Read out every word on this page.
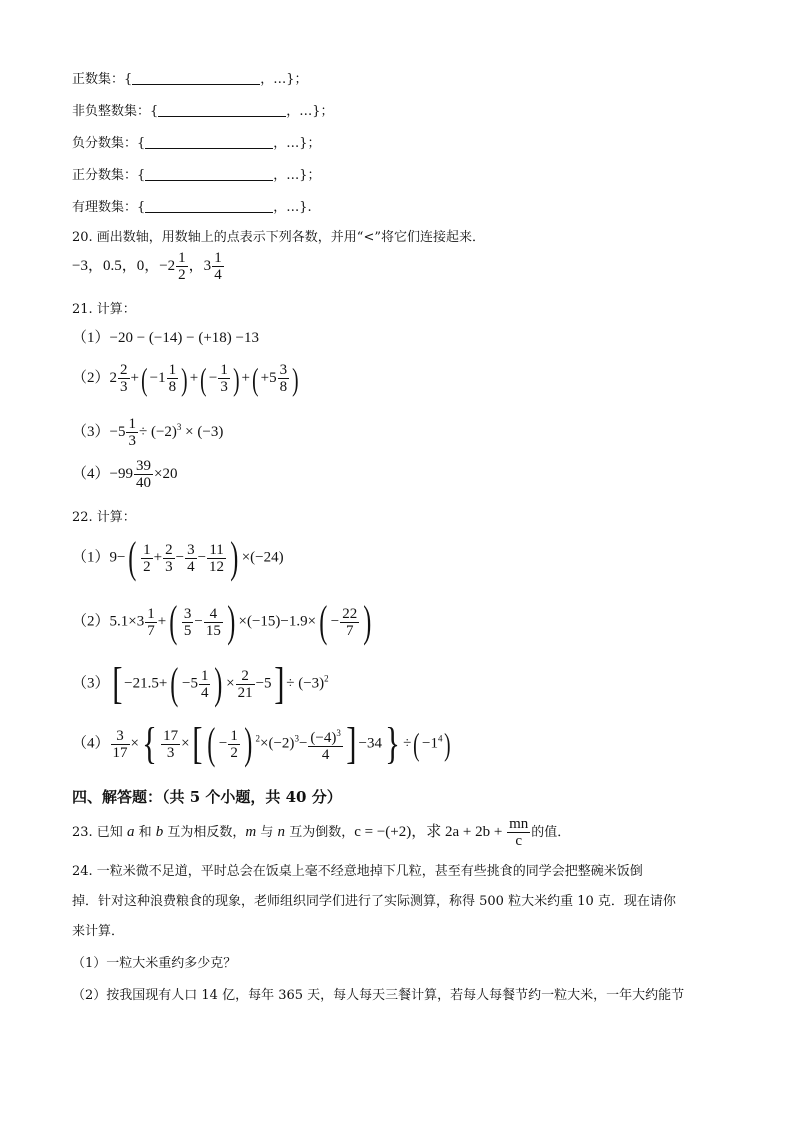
正数集：{	，…}；
非负整数集：{	，…}；
负分数集：{	，…}；
正分数集：{	，…}；
有理数集：{	，…}.
20. 画出数轴，用数轴上的点表示下列各数，并用“<”将它们连接起来．
−3，0.5，0，$-2 \frac{1}{2}$ ，$3 \frac{1}{4}$
21. 计算：
（1）−20 − (−14) − (+18) −13
$(2)2 \frac{2}{3}$ +( $-1 \frac{1}{8}$ ) +( − $\frac{1}{3}$ ) +( $+5 \frac{3}{8}$ )
$(3)-5 \frac{1}{3} \div (-2)^3 \times (-3)$
$(4)-99 \frac{39}{40} \times 20$
22. 计算：
$(1)9-( \frac{1}{2} + \frac{2}{3} - \frac{3}{4} - \frac{11}{12}$ ) ×(−24)
$(2)5.1\times 3 \frac{1}{7}$ +( $\frac{3}{5} - \frac{4}{15}$ ) $\times(-15)-1.9\times( - \frac{22}{7}$ )
$(3)[ -21.5+( -5 \frac{1}{4}$ ) × $\frac{2}{21} -5] \div (-3)^2$
$(4) \frac{3}{17}$ ×{ $\frac{17}{3}$ ×[ ( − $\frac{1}{2}$ ) $^2\times(-2)^3- \frac{(-4)^3}{4}$ ] −34} ÷( $-1^4$)
四、解答题：（共 5 个小题，共 40 分）
23. 已知 a 和 b 互为相反数，m 与 n 互为倒数，c = −(+2)，求 $2a + 2b + \frac{mn}{c}$ 的值．
24. 一粒米微不足道，平时总会在饭桌上毫不经意地掉下几粒，甚至有些挑食的同学会把整碗米饭倒
掉．针对这种浪费粮食的现象，老师组织同学们进行了实际测算，称得 500 粒大米约重 10 克．现在请你
来计算．
（1）一粒大米重约多少克？
（2）按我国现有人口 14 亿，每年 365 天，每人每天三餐计算，若每人每餐节约一粒大米，一年大约能节
